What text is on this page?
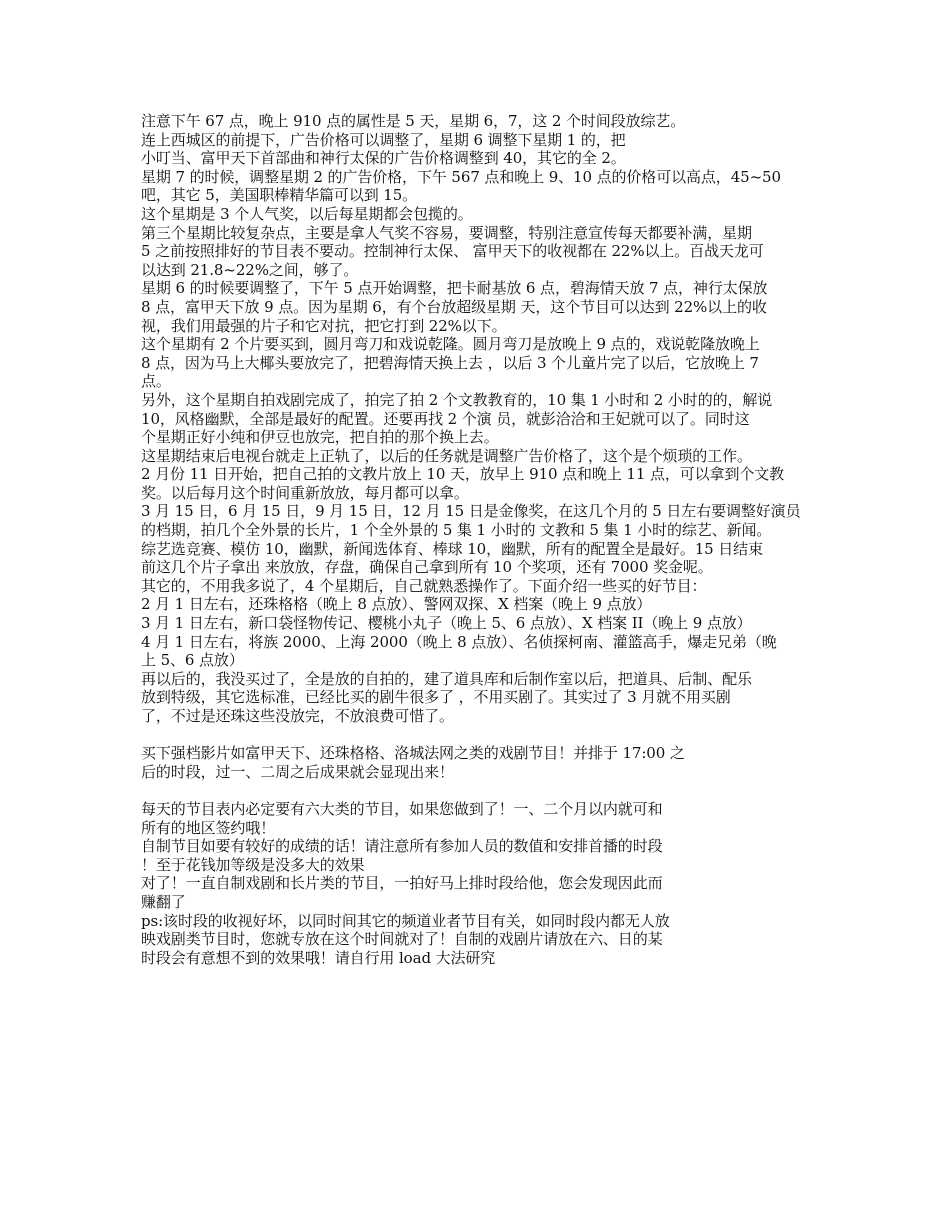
注意下午 67 点，晚上 910 点的属性是 5 天，星期 6，7，这 2 个时间段放综艺。
连上西城区的前提下，广告价格可以调整了，星期 6 调整下星期 1 的，把
小叮当、富甲天下首部曲和神行太保的广告价格调整到 40，其它的全 2。
星期 7 的时候，调整星期 2 的广告价格，下午 567 点和晚上 9、10 点的价格可以高点，45~50
吧，其它 5，美国职棒精华篇可以到 15。
这个星期是 3 个人气奖，以后每星期都会包揽的。
第三个星期比较复杂点，主要是拿人气奖不容易，要调整，特别注意宣传每天都要补满，星期
5 之前按照排好的节目表不要动。控制神行太保、 富甲天下的收视都在 22%以上。百战天龙可
以达到 21.8~22%之间，够了。
星期 6 的时候要调整了，下午 5 点开始调整，把卡耐基放 6 点，碧海情天放 7 点，神行太保放
8 点，富甲天下放 9 点。因为星期 6，有个台放超级星期 天，这个节目可以达到 22%以上的收
视，我们用最强的片子和它对抗，把它打到 22%以下。
这个星期有 2 个片要买到，圆月弯刀和戏说乾隆。圆月弯刀是放晚上 9 点的，戏说乾隆放晚上
8 点，因为马上大椰头要放完了，把碧海情天换上去 ，以后 3 个儿童片完了以后，它放晚上 7
点。
另外，这个星期自拍戏剧完成了，拍完了拍 2 个文教教育的，10 集 1 小时和 2 小时的的，解说
10，风格幽默，全部是最好的配置。还要再找 2 个演 员，就彭洽洽和王妃就可以了。同时这
个星期正好小纯和伊豆也放完，把自拍的那个换上去。
这星期结束后电视台就走上正轨了，以后的任务就是调整广告价格了，这个是个烦琐的工作。
2 月份 11 日开始，把自己拍的文教片放上 10 天，放早上 910 点和晚上 11 点，可以拿到个文教
奖。以后每月这个时间重新放放，每月都可以拿。
3 月 15 日，6 月 15 日，9 月 15 日，12 月 15 日是金像奖，在这几个月的 5 日左右要调整好演员
的档期，拍几个全外景的长片，1 个全外景的 5 集 1 小时的 文教和 5 集 1 小时的综艺、新闻。
综艺选竞赛、模仿 10，幽默，新闻选体育、棒球 10，幽默，所有的配置全是最好。15 日结束
前这几个片子拿出 来放放，存盘，确保自己拿到所有 10 个奖项，还有 7000 奖金呢。
其它的，不用我多说了，4 个星期后，自己就熟悉操作了。下面介绍一些买的好节目：
2 月 1 日左右，还珠格格（晚上 8 点放）、警网双探、X 档案（晚上 9 点放）
3 月 1 日左右，新口袋怪物传记、樱桃小丸子（晚上 5、6 点放）、X 档案 II（晚上 9 点放）
4 月 1 日左右，将族 2000、上海 2000（晚上 8 点放）、名侦探柯南、灌篮高手，爆走兄弟（晚
上 5、6 点放）
再以后的，我没买过了，全是放的自拍的，建了道具库和后制作室以后，把道具、后制、配乐
放到特级，其它选标准，已经比买的剧牛很多了 ，不用买剧了。其实过了 3 月就不用买剧
了，不过是还珠这些没放完，不放浪费可惜了。
买下强档影片如富甲天下、还珠格格、洛城法网之类的戏剧节目！并排于 17:00 之
后的时段，过一、二周之后成果就会显现出来！
每天的节目表内必定要有六大类的节目，如果您做到了！一、二个月以内就可和
所有的地区签约哦！
自制节目如要有较好的成绩的话！请注意所有参加人员的数值和安排首播的时段
！至于花钱加等级是没多大的效果
对了！一直自制戏剧和长片类的节目，一拍好马上排时段给他，您会发现因此而
赚翻了
ps:该时段的收视好坏，以同时间其它的频道业者节目有关，如同时段内都无人放
映戏剧类节目时，您就专放在这个时间就对了！自制的戏剧片请放在六、日的某
时段会有意想不到的效果哦！请自行用 load 大法研究
